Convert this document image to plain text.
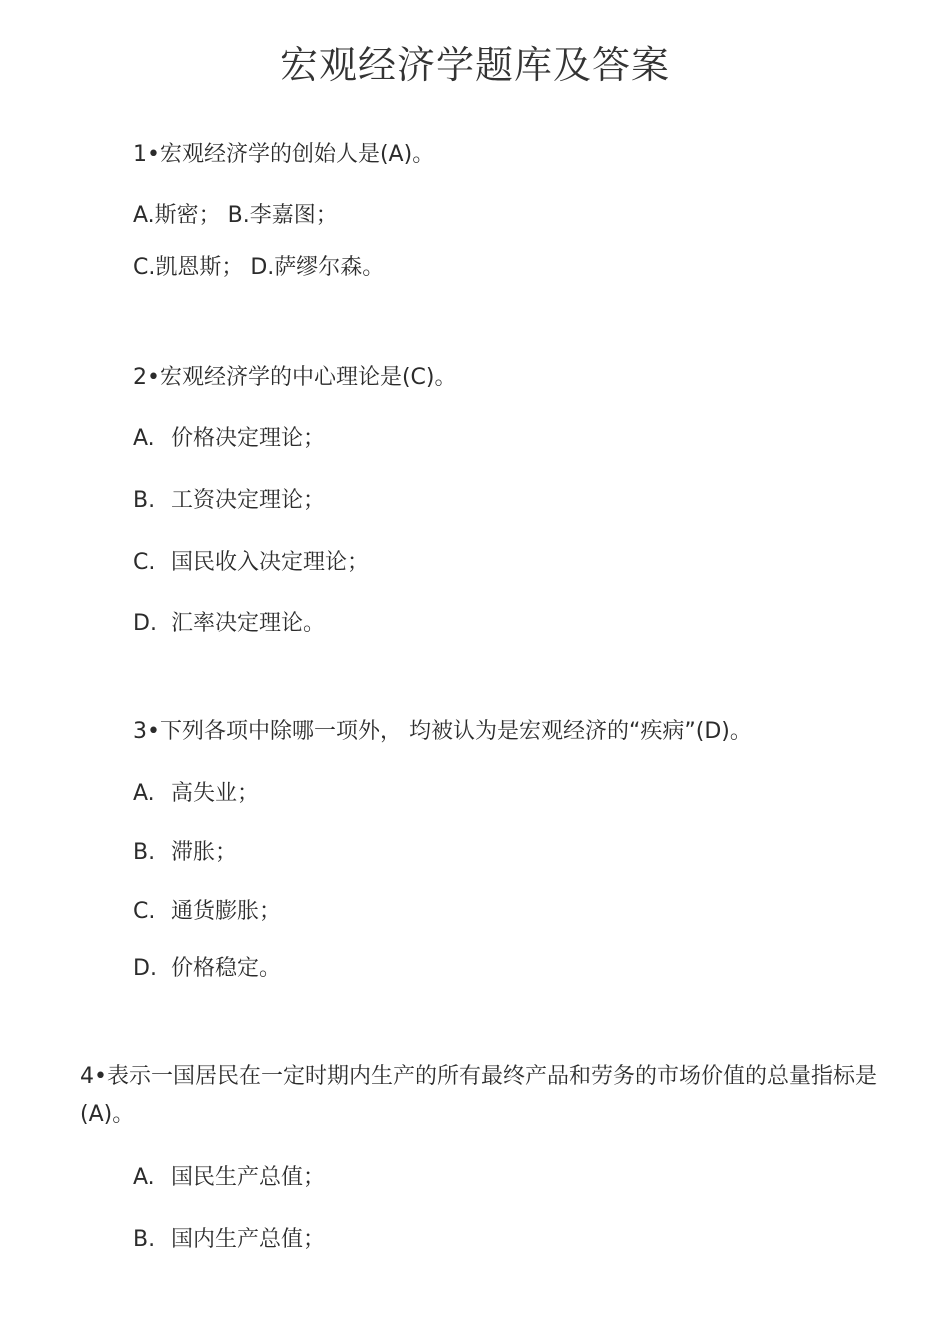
宏观经济学题库及答案

1•宏观经济学的创始人是(A)。

A.斯密； B.李嘉图；

C.凯恩斯； D.萨缪尔森。

2•宏观经济学的中心理论是(C)。

A. 价格决定理论；

B. 工资决定理论；

C. 国民收入决定理论；

D. 汇率决定理论。

3•下列各项中除哪一项外， 均被认为是宏观经济的“疾病”(D)。

A. 高失业；

B. 滞胀；

C. 通货膨胀；

D. 价格稳定。

4•表示一国居民在一定时期内生产的所有最终产品和劳务的市场价值的总量指标是(A)。

A. 国民生产总值；

B. 国内生产总值；
